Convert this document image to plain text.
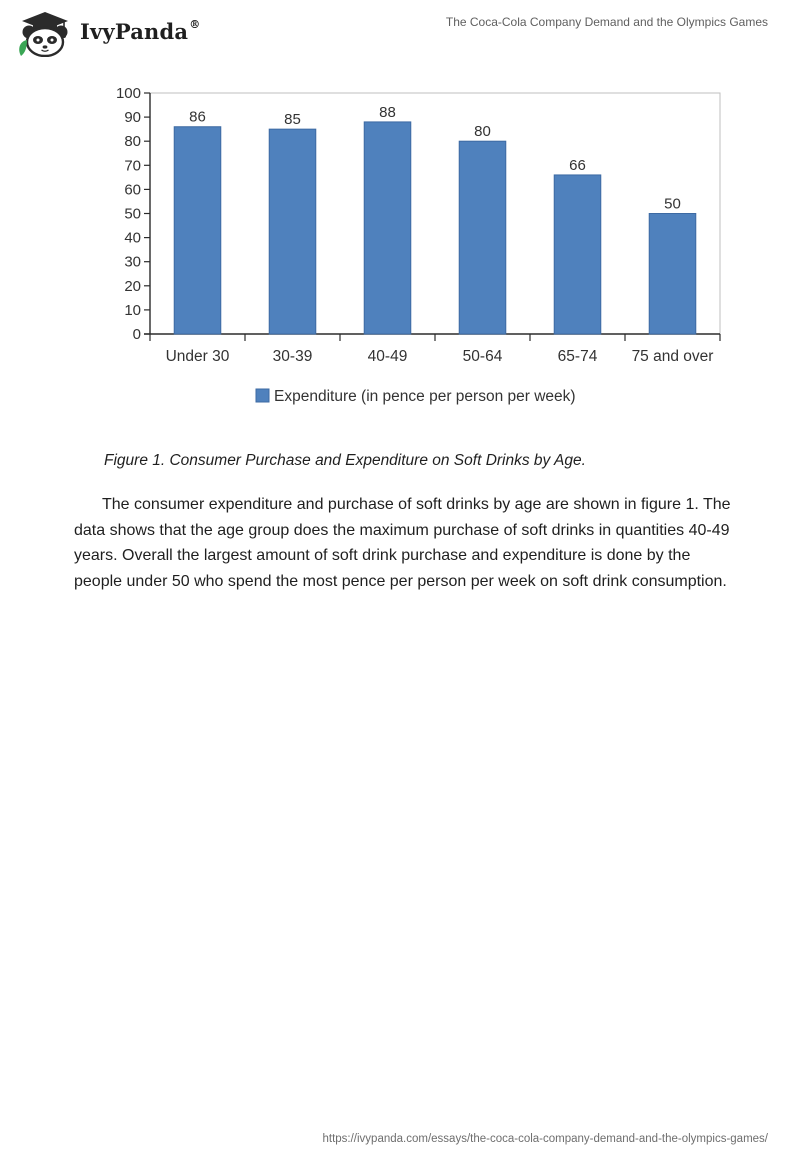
IvyPanda®	The Coca-Cola Company Demand and the Olympics Games
0
10
20
30
40
50
60
70
80
90
100
86
Under 30
85
30-39
88
40-49
80
50-64
66
65-74
50
75 and over
Expenditure (in pence per person per week)
Figure 1. Consumer Purchase and Expenditure on Soft Drinks by Age.

The consumer expenditure and purchase of soft drinks by age are shown in figure 1. The data shows that the age group does the maximum purchase of soft drinks in quantities 40-49 years. Overall the largest amount of soft drink purchase and expenditure is done by the people under 50 who spend the most pence per person per week on soft drink consumption.

https://ivypanda.com/essays/the-coca-cola-company-demand-and-the-olympics-games/
